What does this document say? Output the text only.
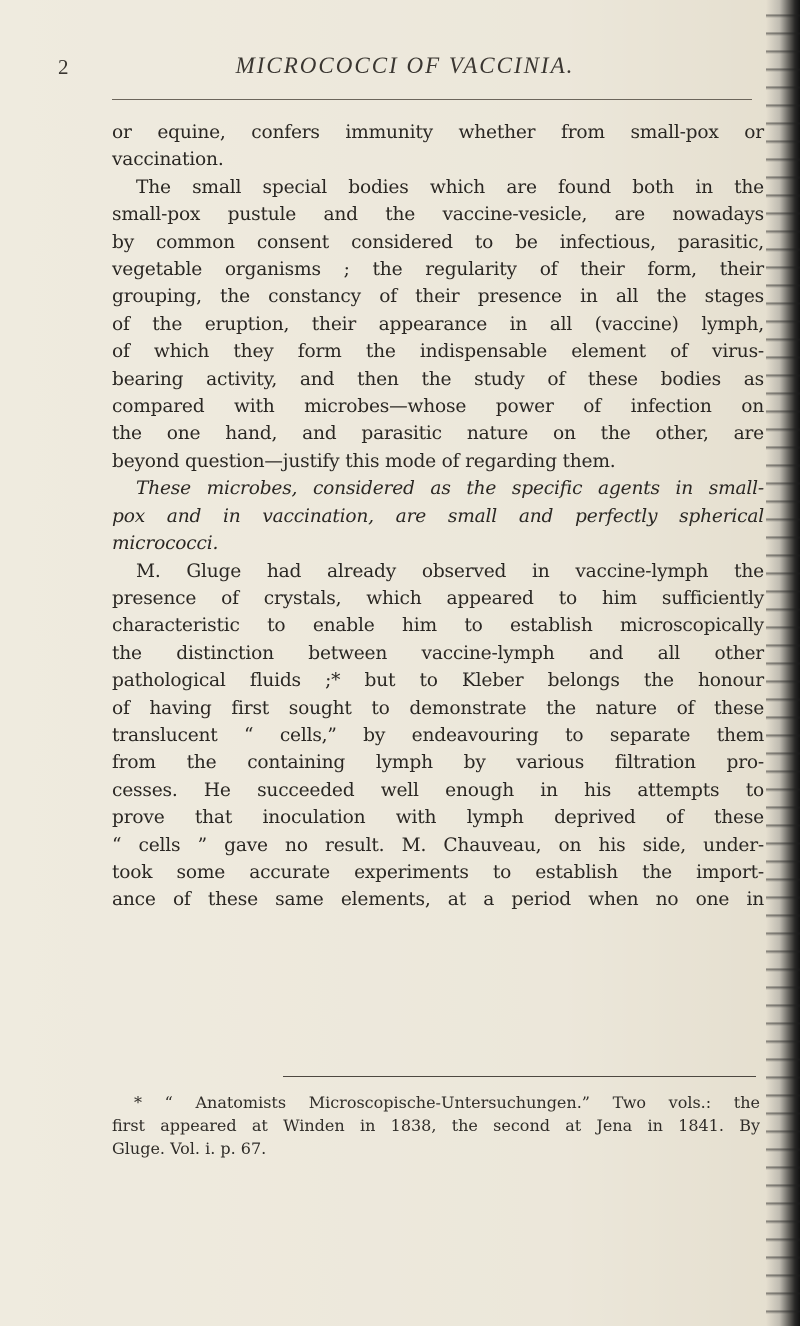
2	MICROCOCCI OF VACCINIA.
or equine, confers immunity whether from small-pox or
vaccination.
The small special bodies which are found both in the
small-pox pustule and the vaccine-vesicle, are nowadays
by common consent considered to be infectious, parasitic,
vegetable organisms ; the regularity of their form, their
grouping, the constancy of their presence in all the stages
of the eruption, their appearance in all (vaccine) lymph,
of which they form the indispensable element of virus-
bearing activity, and then the study of these bodies as
compared with microbes—whose power of infection on
the one hand, and parasitic nature on the other, are
beyond question—justify this mode of regarding them.
These microbes, considered as the specific agents in small-
pox and in vaccination, are small and perfectly spherical
micrococci.
M. Gluge had already observed in vaccine-lymph the
presence of crystals, which appeared to him sufficiently
characteristic to enable him to establish microscopically
the distinction between vaccine-lymph and all other
pathological fluids ;* but to Kleber belongs the honour
of having first sought to demonstrate the nature of these
translucent “ cells,” by endeavouring to separate them
from the containing lymph by various filtration pro-
cesses. He succeeded well enough in his attempts to
prove that inoculation with lymph deprived of these
“ cells ” gave no result. M. Chauveau, on his side, under-
took some accurate experiments to establish the import-
ance of these same elements, at a period when no one in
* “ Anatomists Microscopische-Untersuchungen.” Two vols.: the
first appeared at Winden in 1838, the second at Jena in 1841. By
Gluge. Vol. i. p. 67.
